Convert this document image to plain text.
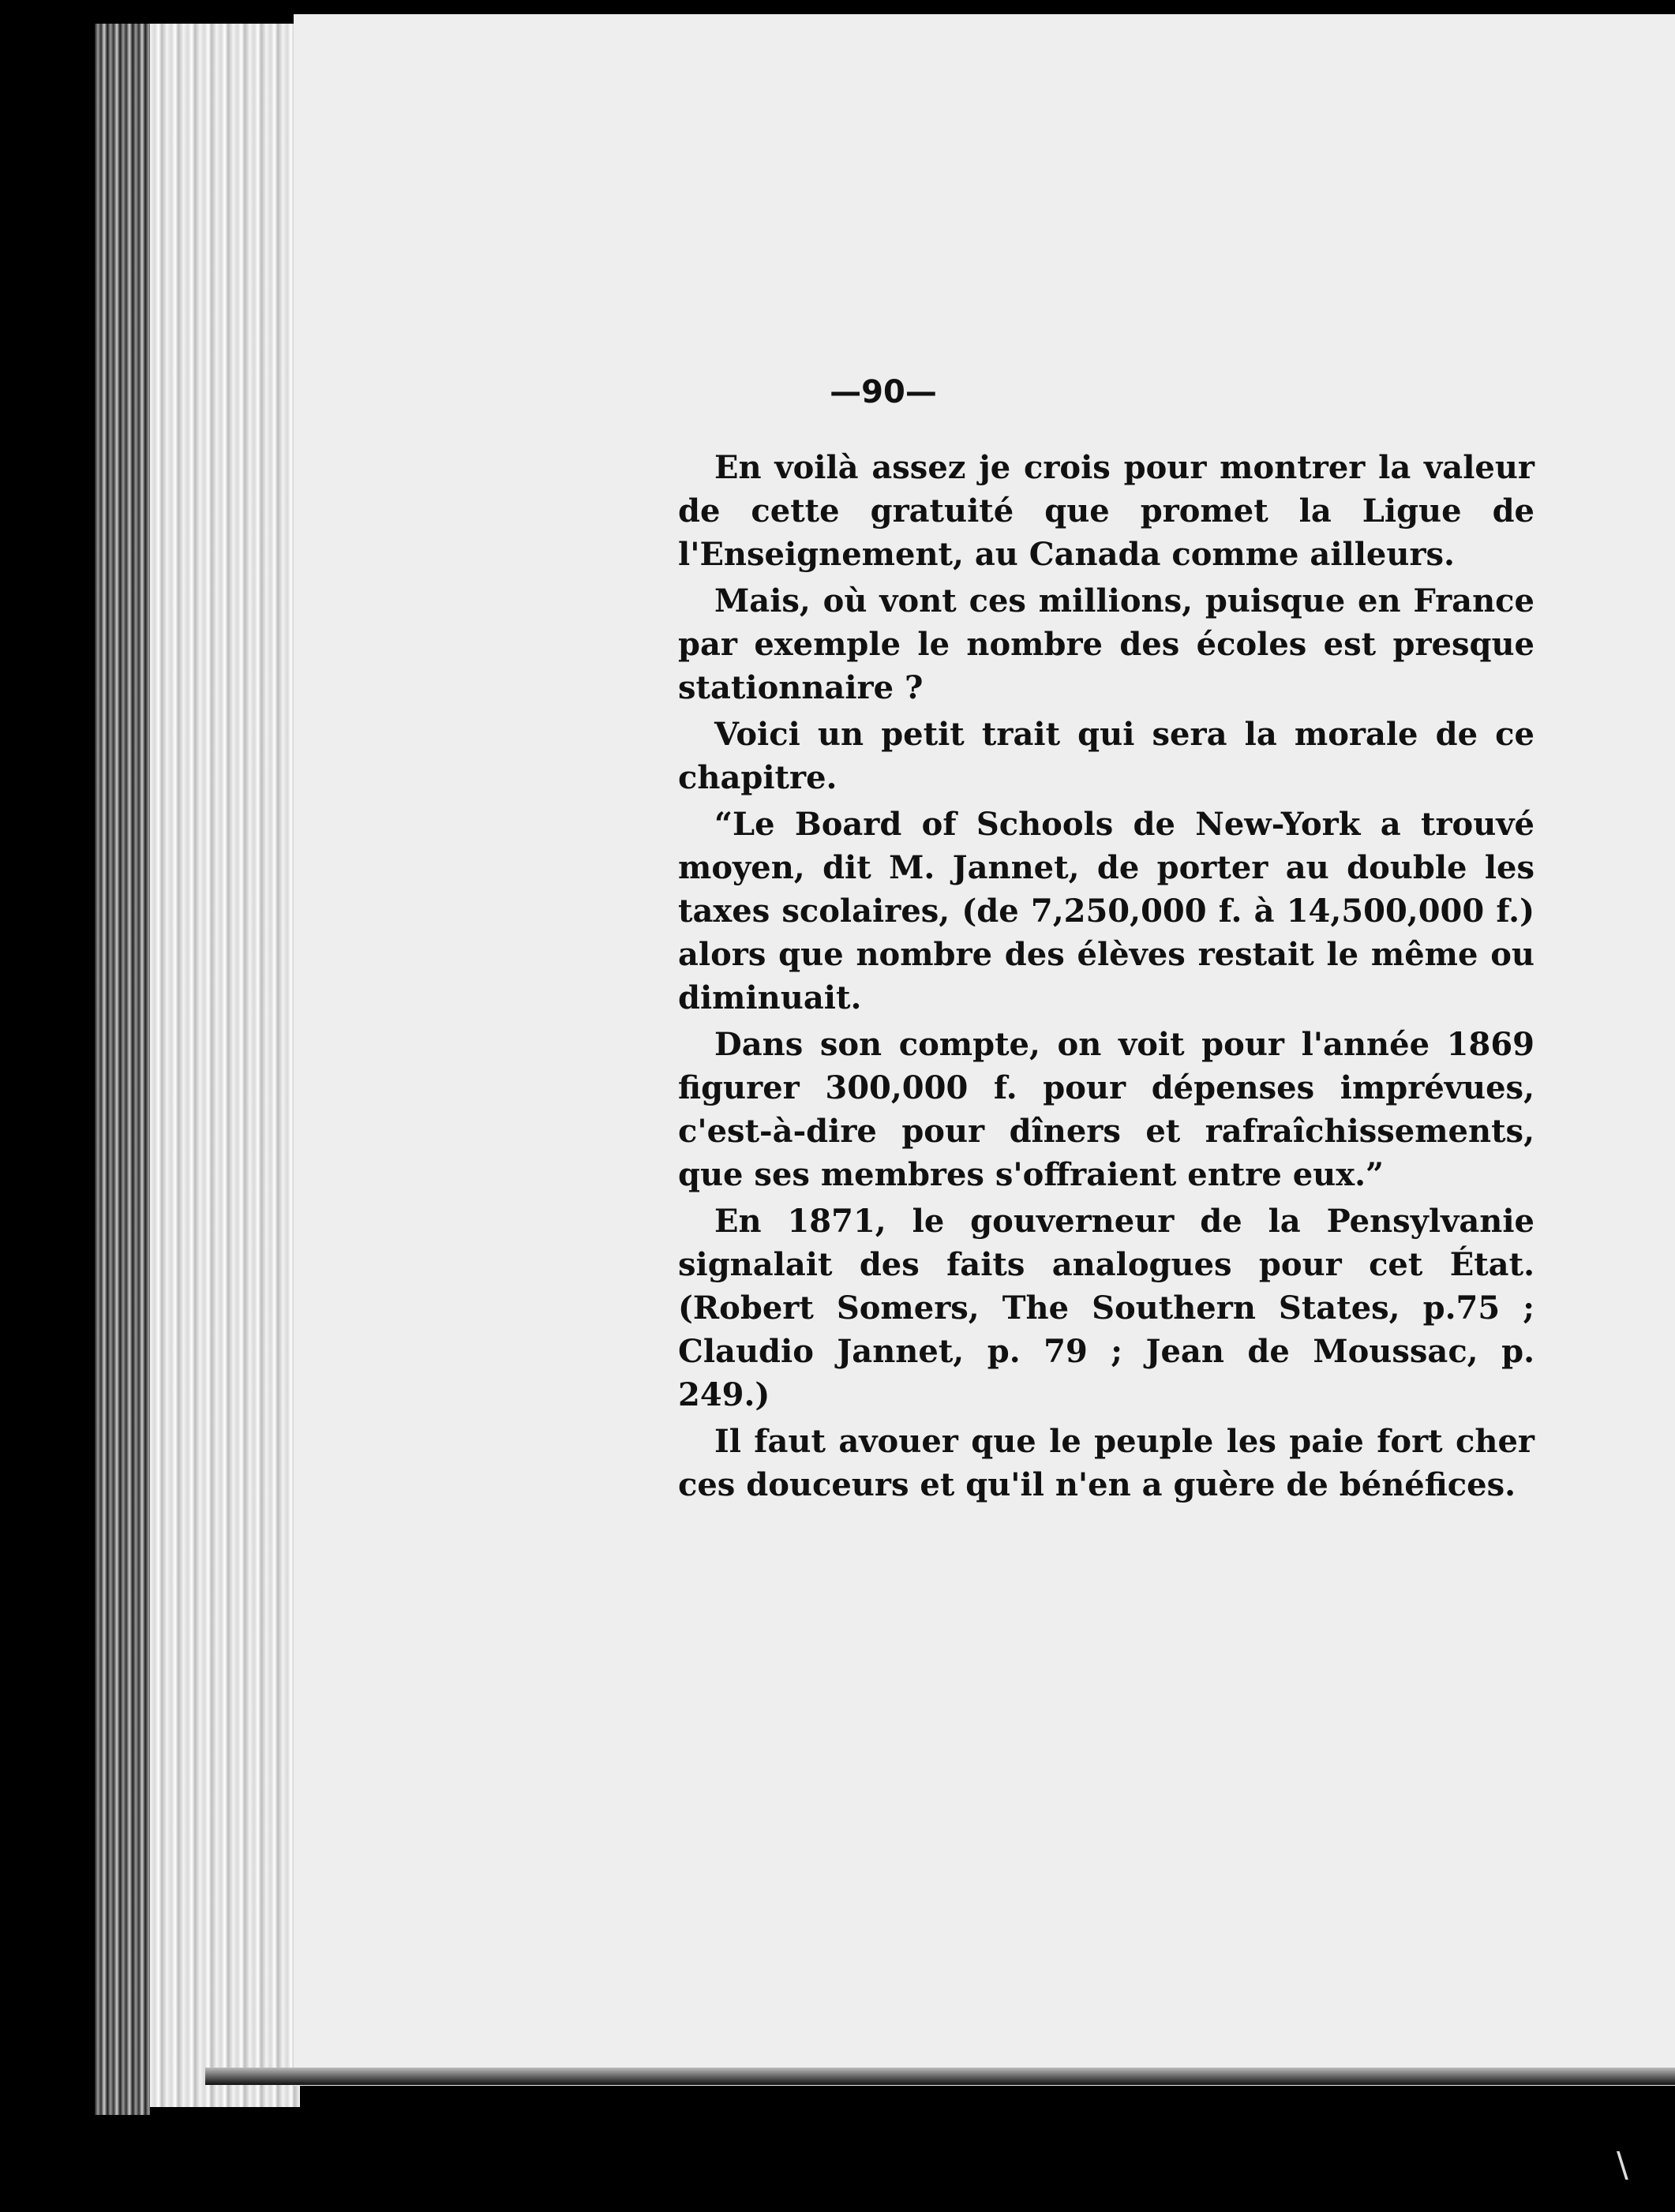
—90—

En voilà assez je crois pour montrer la valeur de cette gratuité que promet la Ligue de l'Enseignement, au Canada comme ailleurs.

Mais, où vont ces millions, puisque en France par exemple le nombre des écoles est presque stationnaire ?

Voici un petit trait qui sera la morale de ce chapitre.

“Le Board of Schools de New-York a trouvé moyen, dit M. Jannet, de porter au double les taxes scolaires, (de 7,250,000 f. à 14,500,000 f.) alors que nombre des élèves restait le même ou diminuait.

Dans son compte, on voit pour l'année 1869 figurer 300,000 f. pour dépenses imprévues, c'est-à-dire pour dîners et rafraîchissements, que ses membres s'offraient entre eux.”

En 1871, le gouverneur de la Pensylvanie signalait des faits analogues pour cet État. (Robert Somers, The Southern States, p.75 ; Claudio Jannet, p. 79 ; Jean de Moussac, p. 249.)

Il faut avouer que le peuple les paie fort cher ces douceurs et qu'il n'en a guère de bénéfices.

\
